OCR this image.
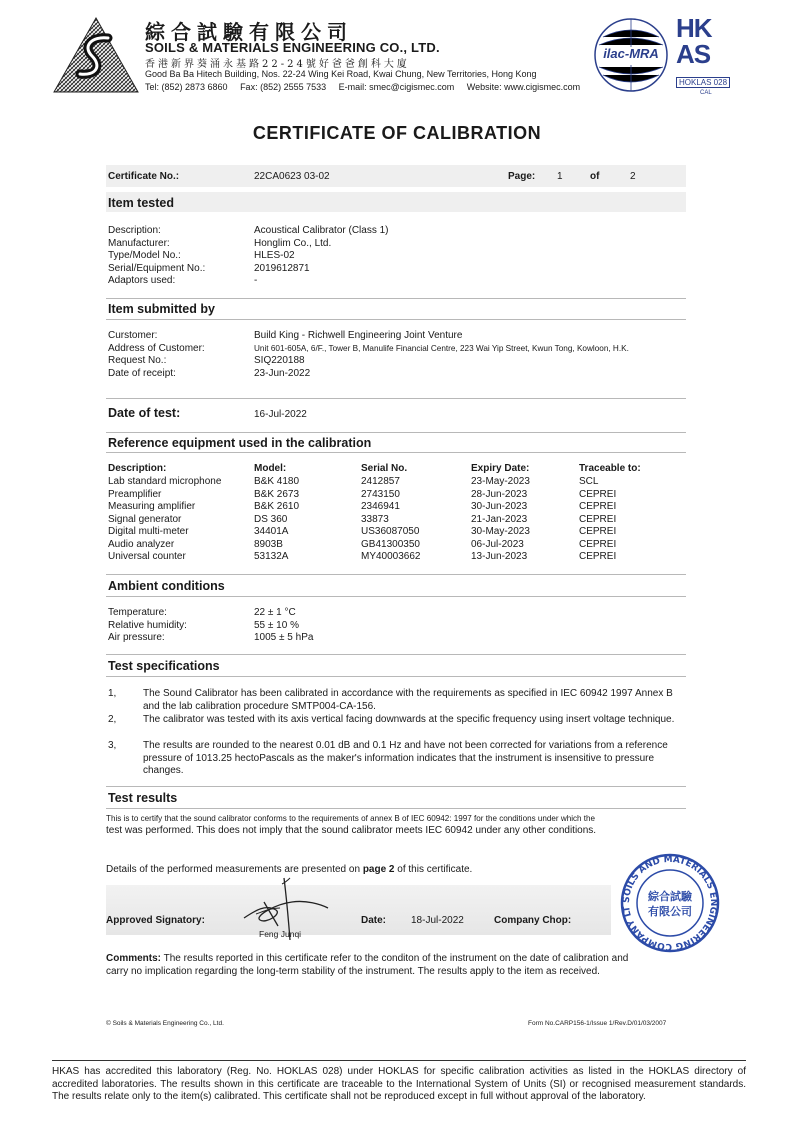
綜合試驗有限公司
SOILS & MATERIALS ENGINEERING CO., LTD.
香港新界葵涌永基路22-24號好爸爸創科大廈
Good Ba Ba Hitech Building, Nos. 22-24 Wing Kei Road, Kwai Chung, New Territories, Hong Kong
Tel: (852) 2873 6860     Fax: (852) 2555 7533     E-mail: smec@cigismec.com     Website: www.cigismec.com
ilac-MRA
HKAS
HOKLAS 028
CAL
CERTIFICATE OF CALIBRATION
Certificate No.:	22CA0623 03-02	Page: 1	of	2
Item tested
Description:	Acoustical Calibrator (Class 1)
Manufacturer:	Honglim Co., Ltd.
Type/Model No.:	HLES-02
Serial/Equipment No.:	2019612871
Adaptors used:	-
Item submitted by
Curstomer:	Build King - Richwell Engineering Joint Venture
Address of Customer:	Unit 601-605A, 6/F., Tower B, Manulife Financial Centre, 223 Wai Yip Street, Kwun Tong, Kowloon, H.K.
Request No.:	SIQ220188
Date of receipt:	23-Jun-2022
Date of test:	16-Jul-2022
Reference equipment used in the calibration
Description:	Model:	Serial No.	Expiry Date:	Traceable to:
Lab standard microphone	B&K 4180	2412857	23-May-2023	SCL
Preamplifier	B&K 2673	2743150	28-Jun-2023	CEPREI
Measuring amplifier	B&K 2610	2346941	30-Jun-2023	CEPREI
Signal generator	DS 360	33873	21-Jan-2023	CEPREI
Digital multi-meter	34401A	US36087050	30-May-2023	CEPREI
Audio analyzer	8903B	GB41300350	06-Jul-2023	CEPREI
Universal counter	53132A	MY40003662	13-Jun-2023	CEPREI
Ambient conditions
Temperature:	22 ± 1 °C
Relative humidity:	55 ± 10 %
Air pressure:	1005 ± 5 hPa
Test specifications
1,	The Sound Calibrator has been calibrated in accordance with the requirements as specified in IEC 60942 1997 Annex B
and the lab calibration procedure SMTP004-CA-156.
2,	The calibrator was tested with its axis vertical facing downwards at the specific frequency using insert voltage technique.
3,	The results are rounded to the nearest 0.01 dB and 0.1 Hz and have not been corrected for variations from a reference
pressure of 1013.25 hectoPascals as the maker's information indicates that the instrument is insensitive to pressure
changes.
Test results
This is to certify that the sound calibrator conforms to the requirements of annex B of IEC 60942: 1997 for the conditions under which the
test was performed. This does not imply that the sound calibrator meets IEC 60942 under any other conditions.
Details of the performed measurements are presented on page 2 of this certificate.
Approved Signatory:
Feng Junqi
Date: 18-Jul-2022	Company Chop:
SOILS AND MATERIALS ENGINEERING COMPANY LT
綜合試驗
有限公司
Comments: The results reported in this certificate refer to the conditon of the instrument on the date of calibration and
carry no implication regarding the long-term stability of the instrument. The results apply to the item as received.
© Soils & Materials Engineering Co., Ltd.	Form No.CARP156-1/Issue 1/Rev.D/01/03/2007
HKAS has accredited this laboratory (Reg. No. HOKLAS 028) under HOKLAS for specific calibration activities as listed in the HOKLAS directory of accredited laboratories. The results shown in this certificate are traceable to the International System of Units (SI) or recognised measurement standards. The results relate only to the item(s) calibrated. This certificate shall not be reproduced except in full without approval of the laboratory.
